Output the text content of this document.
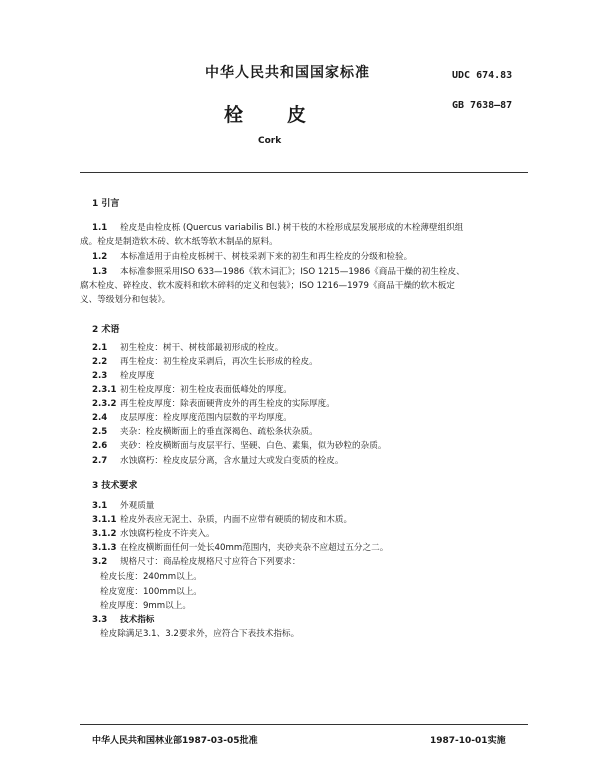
中华人民共和国国家标准	UDC 674.83
栓皮	GB 7638—87
Cork
1 引言
1.1 栓皮是由栓皮栎 (Quercus variabilis Bl.) 树干枝的木栓形成层发展形成的木栓薄壁组织组
成。栓皮是制造软木砖、软木纸等软木制品的原料。
1.2 本标准适用于由栓皮栎树干、树枝采剥下来的初生和再生栓皮的分级和检验。
1.3 本标准参照采用ISO 633—1986《软木词汇》；ISO 1215—1986《商品干燥的初生栓皮、
腐木栓皮、碎栓皮、软木废料和软木碎料的定义和包装》；ISO 1216—1979《商品干燥的软木板定
义、等级划分和包装》。
2 术语
2.1 初生栓皮：树干、树枝部最初形成的栓皮。
2.2 再生栓皮：初生栓皮采剥后，再次生长形成的栓皮。
2.3 栓皮厚度
2.3.1 初生栓皮厚度：初生栓皮表面低峰处的厚度。
2.3.2 再生栓皮厚度：除表面硬背皮外的再生栓皮的实际厚度。
2.4 皮层厚度：栓皮厚度范围内层数的平均厚度。
2.5 夹杂：栓皮横断面上的垂直深褐色、疏松条状杂质。
2.6 夹砂：栓皮横断面与皮层平行、坚硬、白色、素集，似为砂粒的杂质。
2.7 水蚀腐朽：栓皮皮层分离，含水量过大或发白变质的栓皮。
3 技术要求
3.1 外观质量
3.1.1 栓皮外表应无泥土、杂质，内面不应带有硬质的韧皮和木质。
3.1.2 水蚀腐朽栓皮不许夹入。
3.1.3 在栓皮横断面任何一处长40mm范围内，夹砂夹杂不应超过五分之二。
3.2 规格尺寸：商品栓皮规格尺寸应符合下列要求：
栓皮长度：240mm以上。
栓皮宽度：100mm以上。
栓皮厚度：9mm以上。
3.3 技术指标
栓皮除满足3.1、3.2要求外，应符合下表技术指标。
中华人民共和国林业部1987-03-05批准	1987-10-01实施
